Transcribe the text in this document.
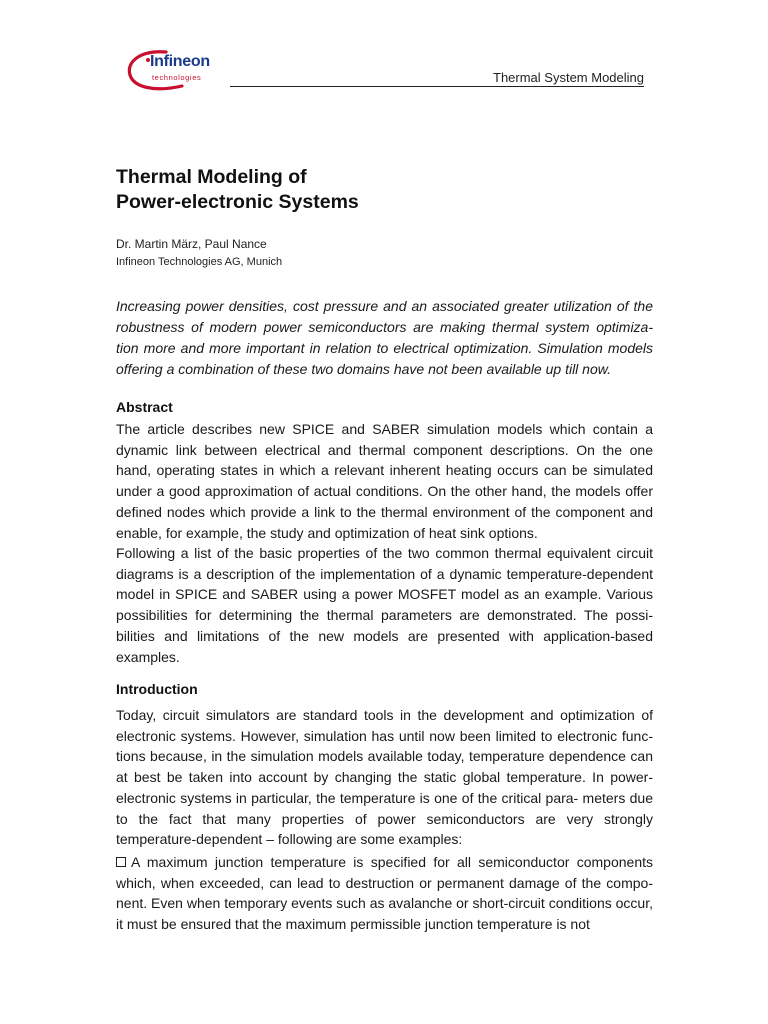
Infineon
technologies	Thermal System Modeling
Thermal Modeling of
Power-electronic Systems
Dr. Martin März, Paul Nance
Infineon Technologies AG, Munich

Increasing power densities, cost pressure and an associated greater utilization of the robustness of modern power semiconductors are making thermal system optimiza- tion more and more important in relation to electrical optimization. Simulation models offering a combination of these two domains have not been available up till now.

Abstract

The article describes new SPICE and SABER simulation models which contain a dynamic link between electrical and thermal component descriptions. On the one hand, operating states in which a relevant inherent heating occurs can be simulated under a good approximation of actual conditions. On the other hand, the models offer defined nodes which provide a link to the thermal environment of the component and enable, for example, the study and optimization of heat sink options.

Following a list of the basic properties of the two common thermal equivalent circuit diagrams is a description of the implementation of a dynamic temperature-dependent model in SPICE and SABER using a power MOSFET model as an example. Various possibilities for determining the thermal parameters are demonstrated. The possi- bilities and limitations of the new models are presented with application-based examples.

Introduction

Today, circuit simulators are standard tools in the development and optimization of electronic systems. However, simulation has until now been limited to electronic func- tions because, in the simulation models available today, temperature dependence can at best be taken into account by changing the static global temperature. In power-electronic systems in particular, the temperature is one of the critical para- meters due to the fact that many properties of power semiconductors are very strongly temperature-dependent – following are some examples:

A maximum junction temperature is specified for all semiconductor components which, when exceeded, can lead to destruction or permanent damage of the compo- nent. Even when temporary events such as avalanche or short-circuit conditions occur, it must be ensured that the maximum permissible junction temperature is not
